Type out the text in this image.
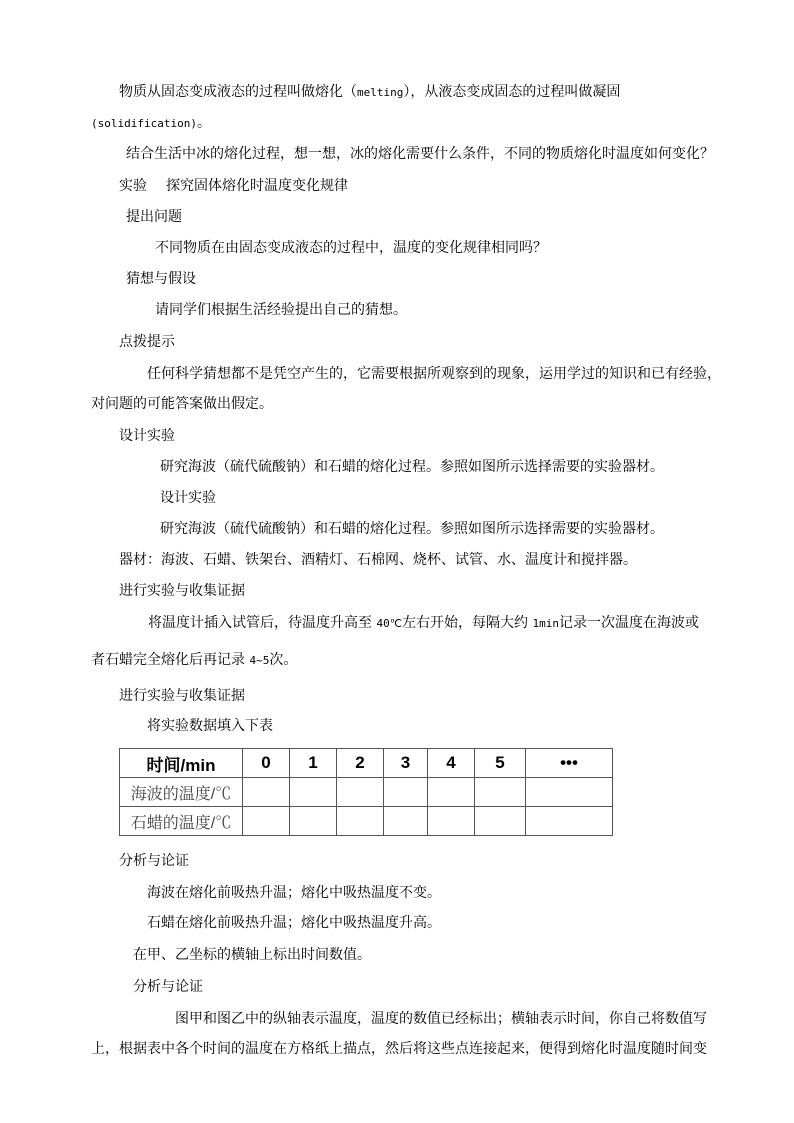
物质从固态变成液态的过程叫做熔化（melting），从液态变成固态的过程叫做凝固
(solidification)。
结合生活中冰的熔化过程，想一想，冰的熔化需要什么条件，不同的物质熔化时温度如何变化？
实验 探究固体熔化时温度变化规律
提出问题
不同物质在由固态变成液态的过程中，温度的变化规律相同吗？
猜想与假设
请同学们根据生活经验提出自己的猜想。
点拨提示
任何科学猜想都不是凭空产生的，它需要根据所观察到的现象，运用学过的知识和已有经验，
对问题的可能答案做出假定。
设计实验
研究海波（硫代硫酸钠）和石蜡的熔化过程。参照如图所示选择需要的实验器材。
设计实验
研究海波（硫代硫酸钠）和石蜡的熔化过程。参照如图所示选择需要的实验器材。
器材：海波、石蜡、铁架台、酒精灯、石棉网、烧杯、试管、水、温度计和搅拌器。
进行实验与收集证据
将温度计插入试管后，待温度升高至 40℃左右开始，每隔大约 1min记录一次温度在海波或
者石蜡完全熔化后再记录 4~5次。
进行实验与收集证据
将实验数据填入下表
时间/min	0	1	2	3	4	5	•••
海波的温度/℃							
石蜡的温度/℃							
分析与论证
海波在熔化前吸热升温；熔化中吸热温度不变。
石蜡在熔化前吸热升温；熔化中吸热温度升高。
在甲、乙坐标的横轴上标出时间数值。
分析与论证
图甲和图乙中的纵轴表示温度，温度的数值已经标出；横轴表示时间，你自己将数值写
上，根据表中各个时间的温度在方格纸上描点，然后将这些点连接起来，便得到熔化时温度随时间变
